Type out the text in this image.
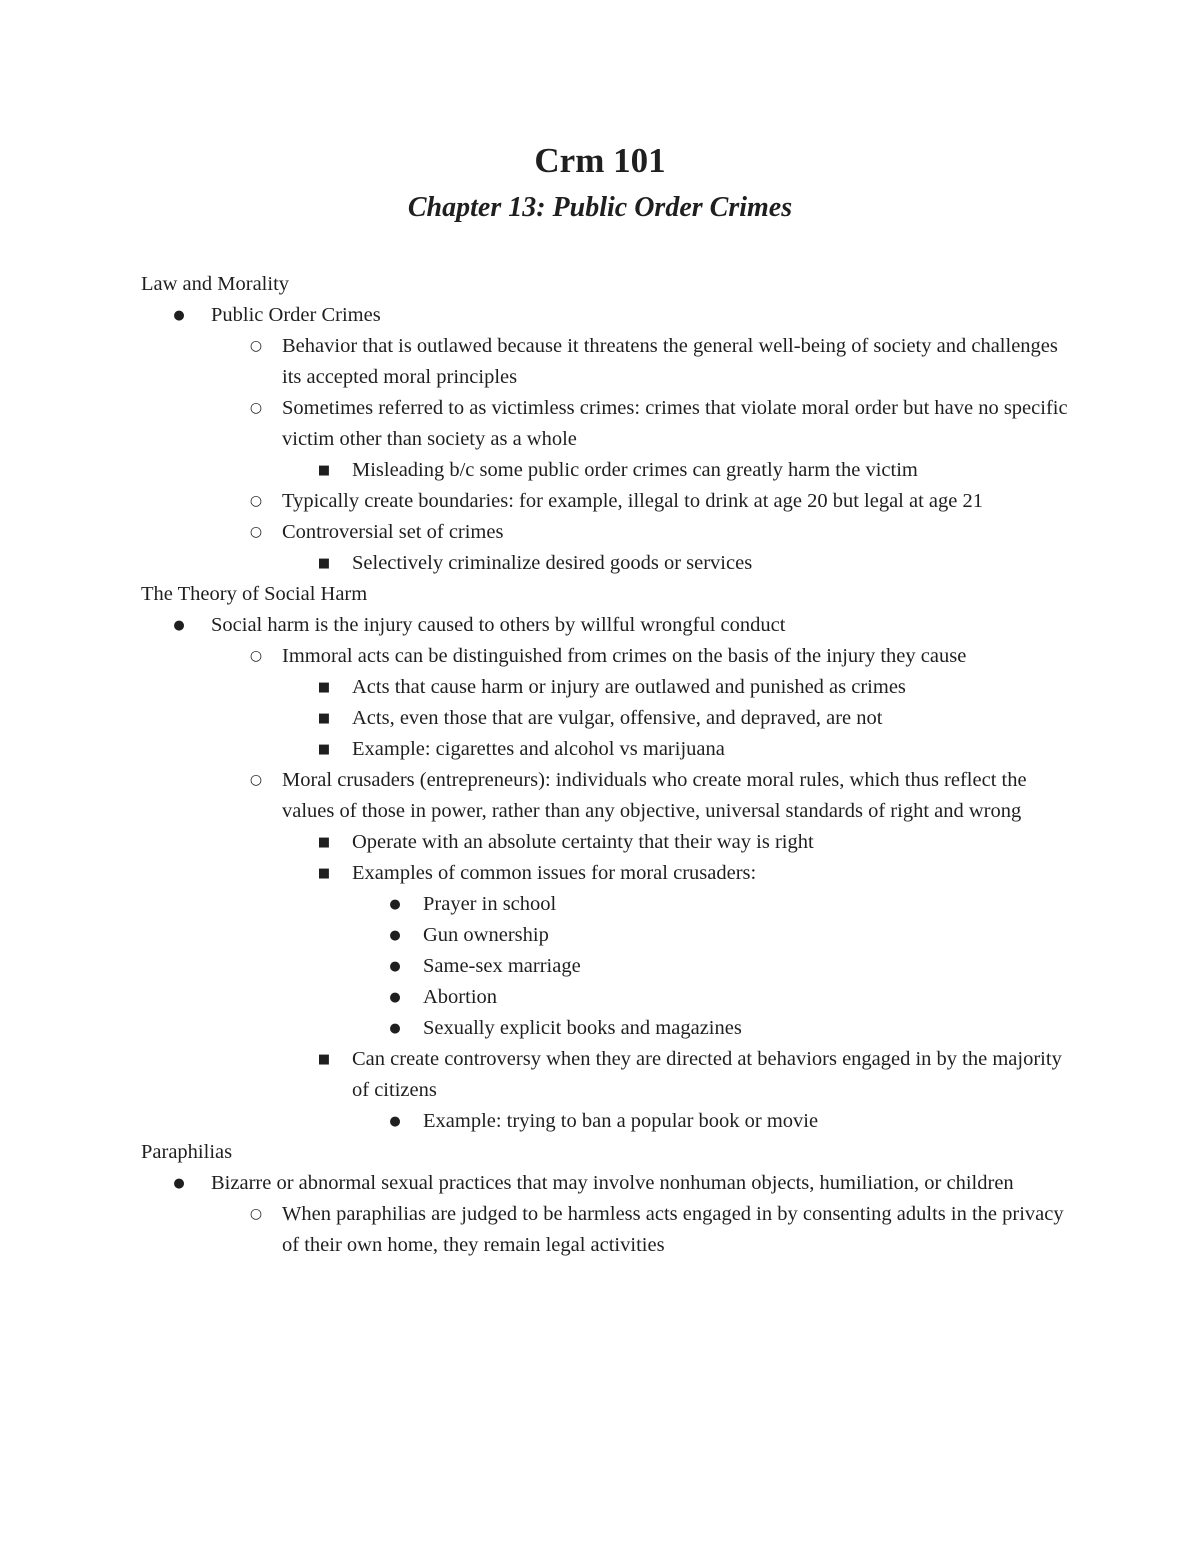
Crm 101
Chapter 13: Public Order Crimes
Law and Morality
● Public Order Crimes
○ Behavior that is outlawed because it threatens the general well-being of society and challenges its accepted moral principles
○ Sometimes referred to as victimless crimes: crimes that violate moral order but have no specific victim other than society as a whole
■ Misleading b/c some public order crimes can greatly harm the victim
○ Typically create boundaries: for example, illegal to drink at age 20 but legal at age 21
○ Controversial set of crimes
■ Selectively criminalize desired goods or services
The Theory of Social Harm
● Social harm is the injury caused to others by willful wrongful conduct
○ Immoral acts can be distinguished from crimes on the basis of the injury they cause
■ Acts that cause harm or injury are outlawed and punished as crimes
■ Acts, even those that are vulgar, offensive, and depraved, are not
■ Example: cigarettes and alcohol vs marijuana
○ Moral crusaders (entrepreneurs): individuals who create moral rules, which thus reflect the values of those in power, rather than any objective, universal standards of right and wrong
■ Operate with an absolute certainty that their way is right
■ Examples of common issues for moral crusaders:
● Prayer in school
● Gun ownership
● Same-sex marriage
● Abortion
● Sexually explicit books and magazines
■ Can create controversy when they are directed at behaviors engaged in by the majority of citizens
● Example: trying to ban a popular book or movie
Paraphilias
● Bizarre or abnormal sexual practices that may involve nonhuman objects, humiliation, or children
○ When paraphilias are judged to be harmless acts engaged in by consenting adults in the privacy of their own home, they remain legal activities
